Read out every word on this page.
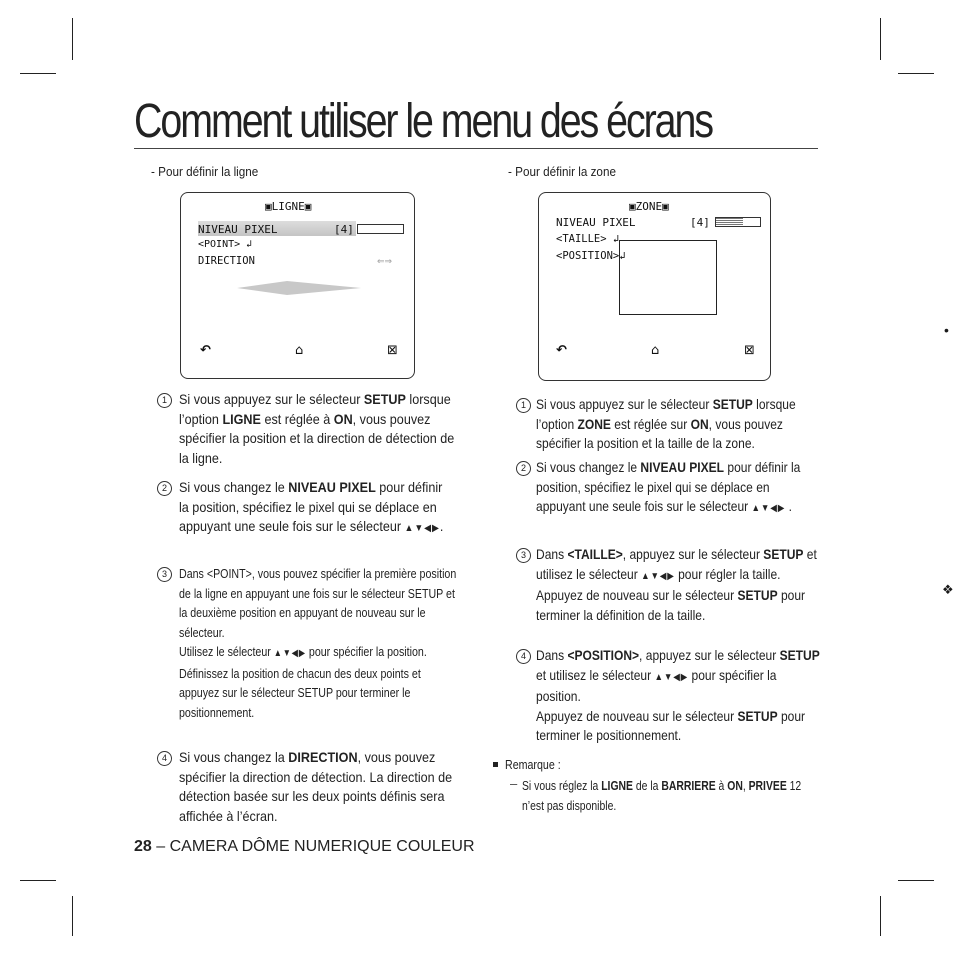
•
❖
Comment utiliser le menu des écrans
- Pour définir la ligne
▣LIGNE▣
NIVEAU PIXEL	[4]
<POINT> ↲
DIRECTION	⇐⇒
↶	⌂	⊠
1 Si vous appuyez sur le sélecteur SETUP lorsque l’option LIGNE est réglée à ON, vous pouvez spécifier la position et la direction de détection de la ligne.
2 Si vous changez le NIVEAU PIXEL pour définir la position, spécifiez le pixel qui se déplace en appuyant une seule fois sur le sélecteur ▲▼◀▶.
3 Dans <POINT>, vous pouvez spécifier la première position de la ligne en appuyant une fois sur le sélecteur SETUP et la deuxième position en appuyant de nouveau sur le sélecteur.
Utilisez le sélecteur ▲▼◀▶ pour spécifier la position.
Définissez la position de chacun des deux points et appuyez sur le sélecteur SETUP pour terminer le positionnement.
4 Si vous changez la DIRECTION, vous pouvez spécifier la direction de détection. La direction de détection basée sur les deux points définis sera affichée à l’écran.
- Pour définir la zone
▣ZONE▣
NIVEAU PIXEL	[4]
<TAILLE> ↲
<POSITION>↲
↶	⌂	⊠
1 Si vous appuyez sur le sélecteur SETUP lorsque l’option ZONE est réglée sur ON, vous pouvez spécifier la position et la taille de la zone.
2 Si vous changez le NIVEAU PIXEL pour définir la position, spécifiez le pixel qui se déplace en appuyant une seule fois sur le sélecteur ▲▼◀▶ .
3 Dans <TAILLE>, appuyez sur le sélecteur SETUP et utilisez le sélecteur ▲▼◀▶ pour régler la taille.
Appuyez de nouveau sur le sélecteur SETUP pour terminer la définition de la taille.
4 Dans <POSITION>, appuyez sur le sélecteur SETUP et utilisez le sélecteur ▲▼◀▶ pour spécifier la position.
Appuyez de nouveau sur le sélecteur SETUP pour terminer le positionnement.
Remarque :
– Si vous réglez la LIGNE de la BARRIERE à ON, PRIVEE 12 n’est pas disponible.
28 – CAMERA DÔME NUMERIQUE COULEUR
